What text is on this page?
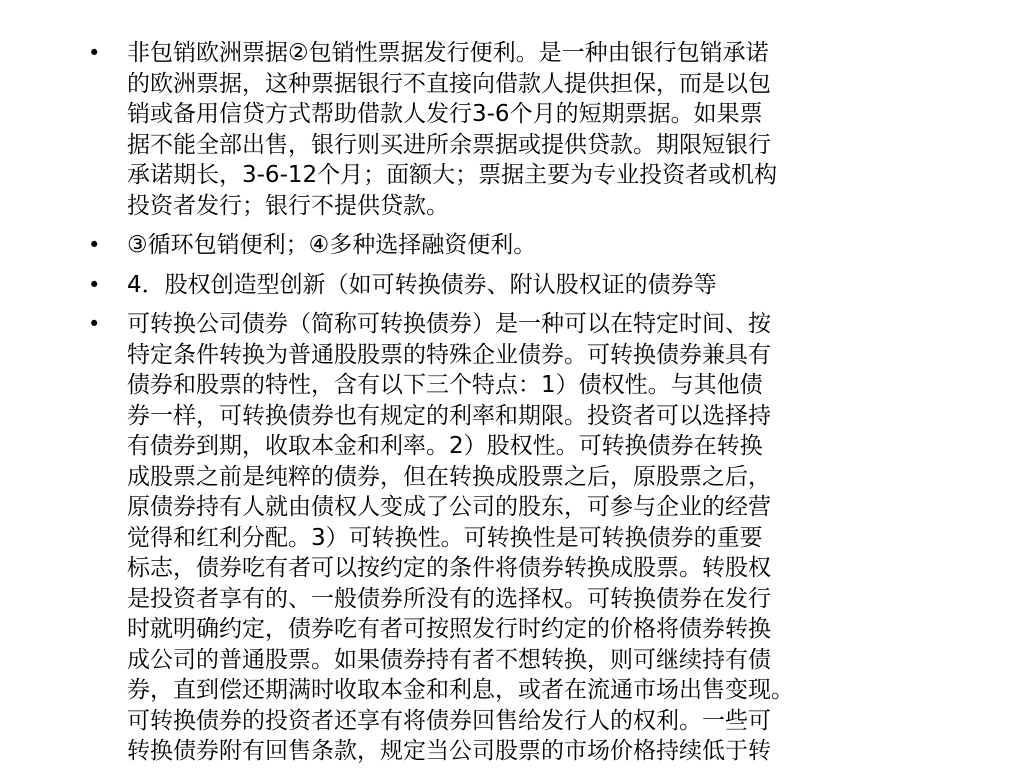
• 非包销欧洲票据②包销性票据发行便利。是一种由银行包销承诺
的欧洲票据，这种票据银行不直接向借款人提供担保，而是以包
销或备用信贷方式帮助借款人发行3-6个月的短期票据。如果票
据不能全部出售，银行则买进所余票据或提供贷款。期限短银行
承诺期长，3-6-12个月；面额大；票据主要为专业投资者或机构
投资者发行；银行不提供贷款。
• ③循环包销便利；④多种选择融资便利。
• 4．股权创造型创新（如可转换债券、附认股权证的债券等
• 可转换公司债券（简称可转换债券）是一种可以在特定时间、按
特定条件转换为普通股股票的特殊企业债券。可转换债券兼具有
债券和股票的特性，含有以下三个特点：1）债权性。与其他债
券一样，可转换债券也有规定的利率和期限。投资者可以选择持
有债券到期，收取本金和利率。2）股权性。可转换债券在转换
成股票之前是纯粹的债券，但在转换成股票之后，原股票之后，
原债券持有人就由债权人变成了公司的股东，可参与企业的经营
觉得和红利分配。3）可转换性。可转换性是可转换债券的重要
标志，债券吃有者可以按约定的条件将债券转换成股票。转股权
是投资者享有的、一般债券所没有的选择权。可转换债券在发行
时就明确约定，债券吃有者可按照发行时约定的价格将债券转换
成公司的普通股票。如果债券持有者不想转换，则可继续持有债
券，直到偿还期满时收取本金和利息，或者在流通市场出售变现。
可转换债券的投资者还享有将债券回售给发行人的权利。一些可
转换债券附有回售条款，规定当公司股票的市场价格持续低于转
